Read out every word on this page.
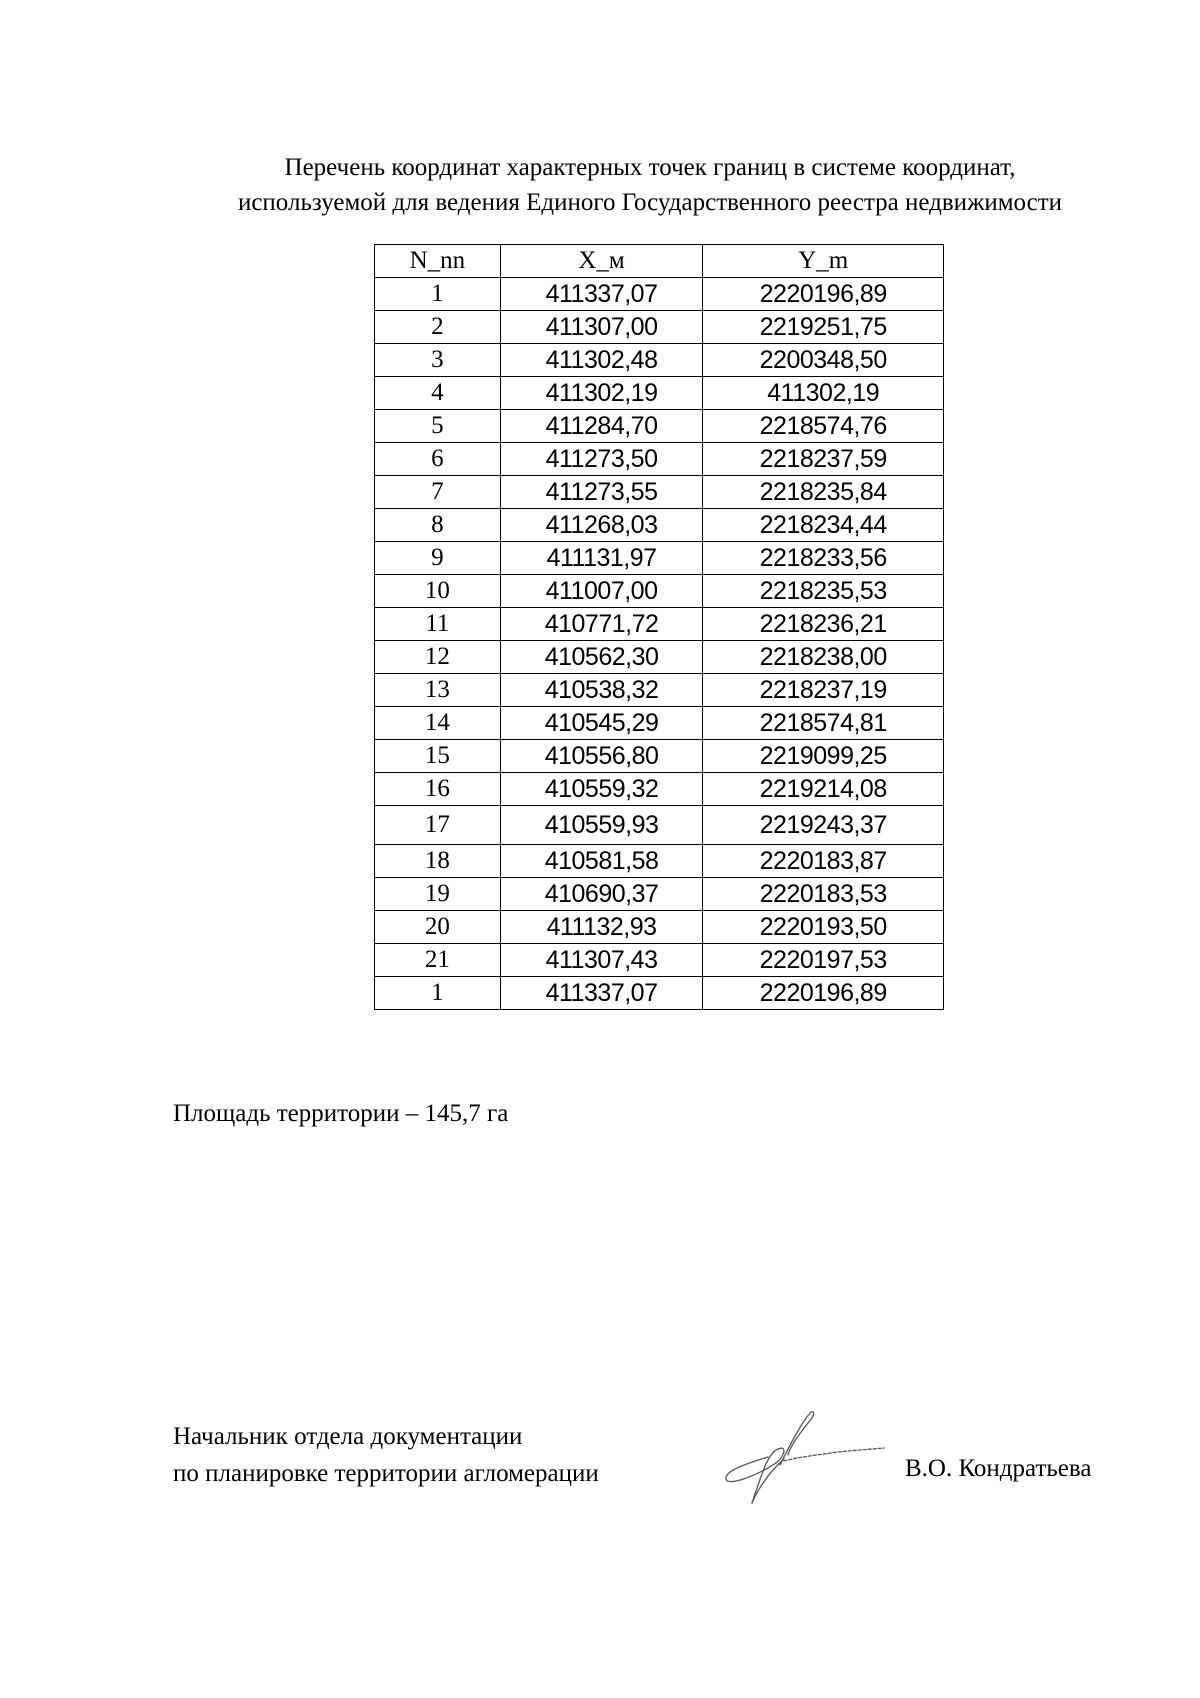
Перечень координат характерных точек границ в системе координат,
используемой для ведения Единого Государственного реестра недвижимости
N_nn	X_м	Y_m
1	411337,07	2220196,89
2	411307,00	2219251,75
3	411302,48	2200348,50
4	411302,19	411302,19
5	411284,70	2218574,76
6	411273,50	2218237,59
7	411273,55	2218235,84
8	411268,03	2218234,44
9	411131,97	2218233,56
10	411007,00	2218235,53
11	410771,72	2218236,21
12	410562,30	2218238,00
13	410538,32	2218237,19
14	410545,29	2218574,81
15	410556,80	2219099,25
16	410559,32	2219214,08
17	410559,93	2219243,37
18	410581,58	2220183,87
19	410690,37	2220183,53
20	411132,93	2220193,50
21	411307,43	2220197,53
1	411337,07	2220196,89

Площадь территории – 145,7 га

Начальник отдела документации
по планировке территории агломерации	В.О. Кондратьева
